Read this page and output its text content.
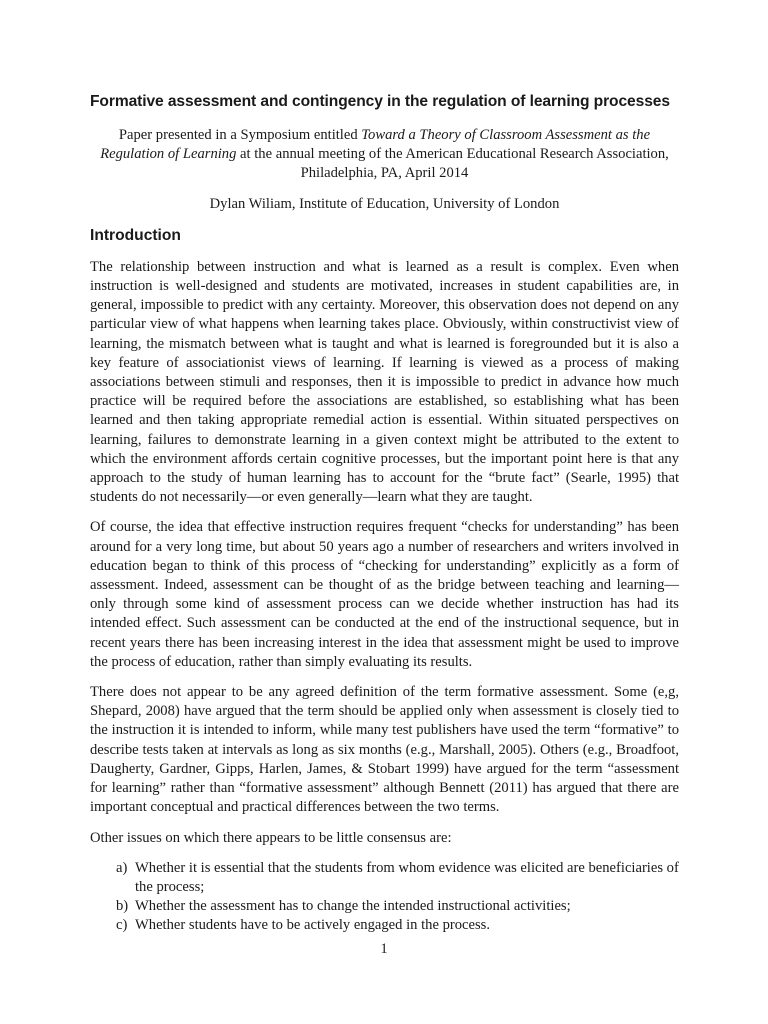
Formative assessment and contingency in the regulation of learning processes

Paper presented in a Symposium entitled Toward a Theory of Classroom Assessment as the Regulation of Learning at the annual meeting of the American Educational Research Association, Philadelphia, PA, April 2014

Dylan Wiliam, Institute of Education, University of London

Introduction

The relationship between instruction and what is learned as a result is complex. Even when instruction is well-designed and students are motivated, increases in student capabilities are, in general, impossible to predict with any certainty. Moreover, this observation does not depend on any particular view of what happens when learning takes place. Obviously, within constructivist view of learning, the mismatch between what is taught and what is learned is foregrounded but it is also a key feature of associationist views of learning. If learning is viewed as a process of making associations between stimuli and responses, then it is impossible to predict in advance how much practice will be required before the associations are established, so establishing what has been learned and then taking appropriate remedial action is essential. Within situated perspectives on learning, failures to demonstrate learning in a given context might be attributed to the extent to which the environment affords certain cognitive processes, but the important point here is that any approach to the study of human learning has to account for the “brute fact” (Searle, 1995) that students do not necessarily—or even generally—learn what they are taught.

Of course, the idea that effective instruction requires frequent “checks for understanding” has been around for a very long time, but about 50 years ago a number of researchers and writers involved in education began to think of this process of “checking for understanding” explicitly as a form of assessment. Indeed, assessment can be thought of as the bridge between teaching and learning—only through some kind of assessment process can we decide whether instruction has had its intended effect. Such assessment can be conducted at the end of the instructional sequence, but in recent years there has been increasing interest in the idea that assessment might be used to improve the process of education, rather than simply evaluating its results.

There does not appear to be any agreed definition of the term formative assessment. Some (e,g, Shepard, 2008) have argued that the term should be applied only when assessment is closely tied to the instruction it is intended to inform, while many test publishers have used the term “formative” to describe tests taken at intervals as long as six months (e.g., Marshall, 2005). Others (e.g., Broadfoot, Daugherty, Gardner, Gipps, Harlen, James, & Stobart 1999) have argued for the term “assessment for learning” rather than “formative assessment” although Bennett (2011) has argued that there are important conceptual and practical differences between the two terms.

Other issues on which there appears to be little consensus are:

a) Whether it is essential that the students from whom evidence was elicited are beneficiaries of the process;
b) Whether the assessment has to change the intended instructional activities;
c) Whether students have to be actively engaged in the process.
1
